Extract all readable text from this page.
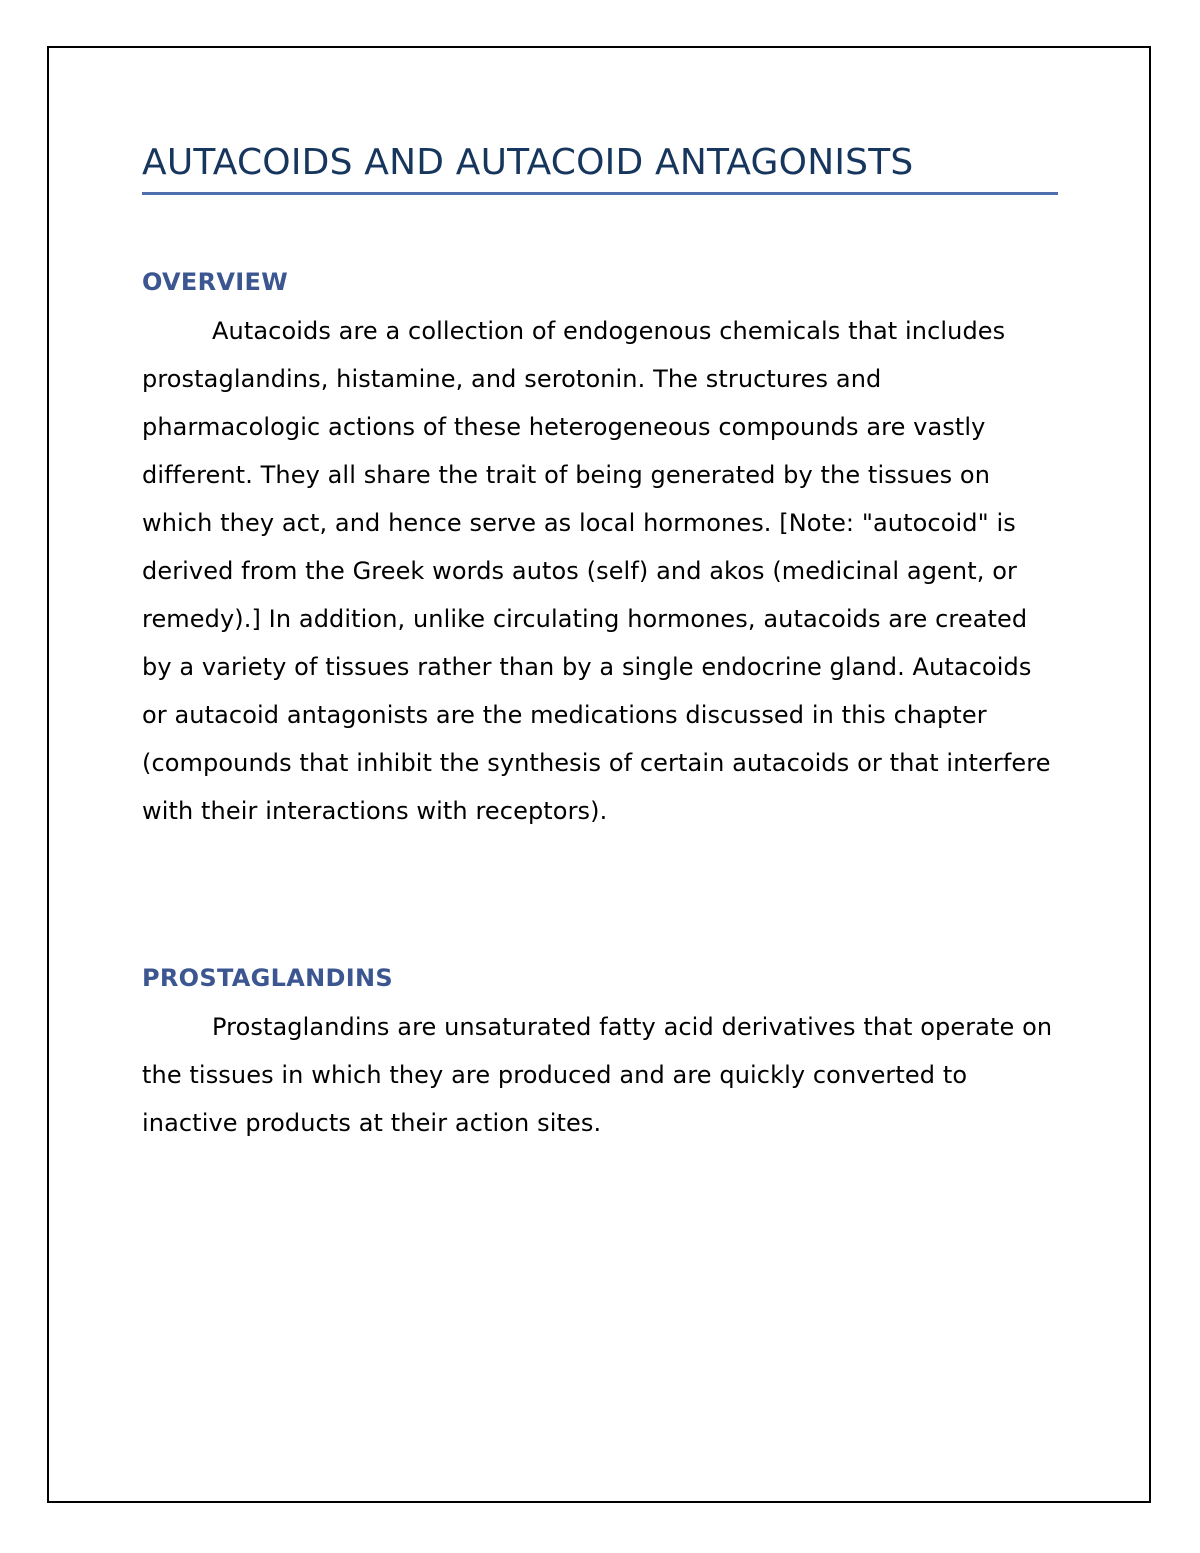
AUTACOIDS AND AUTACOID ANTAGONISTS
OVERVIEW

Autacoids are a collection of endogenous chemicals that includes prostaglandins, histamine, and serotonin. The structures and pharmacologic actions of these heterogeneous compounds are vastly different. They all share the trait of being generated by the tissues on which they act, and hence serve as local hormones. [Note: "autocoid" is derived from the Greek words autos (self) and akos (medicinal agent, or remedy).] In addition, unlike circulating hormones, autacoids are created by a variety of tissues rather than by a single endocrine gland. Autacoids or autacoid antagonists are the medications discussed in this chapter (compounds that inhibit the synthesis of certain autacoids or that interfere with their interactions with receptors).

PROSTAGLANDINS

Prostaglandins are unsaturated fatty acid derivatives that operate on the tissues in which they are produced and are quickly converted to inactive products at their action sites.
